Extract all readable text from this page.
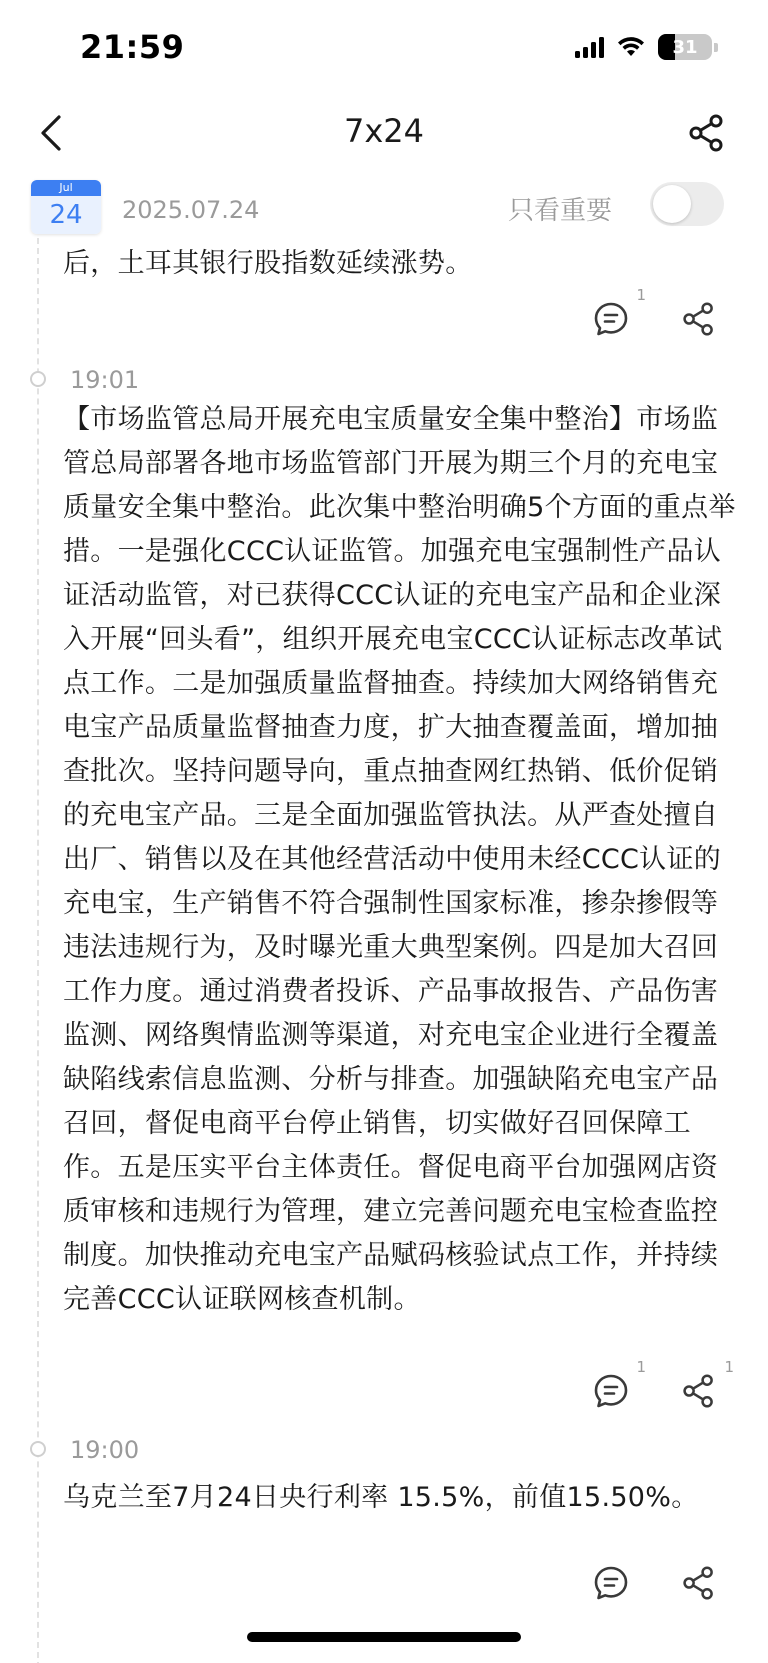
21:59	31
7x24
Jul
24	2025.07.24	只看重要
后，土耳其银行股指数延续涨势。
1
19:01
【市场监管总局开展充电宝质量安全集中整治】市场监管总局部署各地市场监管部门开展为期三个月的充电宝质量安全集中整治。此次集中整治明确5个方面的重点举措。一是强化CCC认证监管。加强充电宝强制性产品认证活动监管，对已获得CCC认证的充电宝产品和企业深入开展“回头看”，组织开展充电宝CCC认证标志改革试点工作。二是加强质量监督抽查。持续加大网络销售充电宝产品质量监督抽查力度，扩大抽查覆盖面，增加抽查批次。坚持问题导向，重点抽查网红热销、低价促销的充电宝产品。三是全面加强监管执法。从严查处擅自出厂、销售以及在其他经营活动中使用未经CCC认证的充电宝，生产销售不符合强制性国家标准，掺杂掺假等违法违规行为，及时曝光重大典型案例。四是加大召回工作力度。通过消费者投诉、产品事故报告、产品伤害监测、网络舆情监测等渠道，对充电宝企业进行全覆盖缺陷线索信息监测、分析与排查。加强缺陷充电宝产品召回，督促电商平台停止销售，切实做好召回保障工作。五是压实平台主体责任。督促电商平台加强网店资质审核和违规行为管理，建立完善问题充电宝检查监控制度。加快推动充电宝产品赋码核验试点工作，并持续完善CCC认证联网核查机制。
1	1
19:00
乌克兰至7月24日央行利率 15.5%，前值15.50%。
